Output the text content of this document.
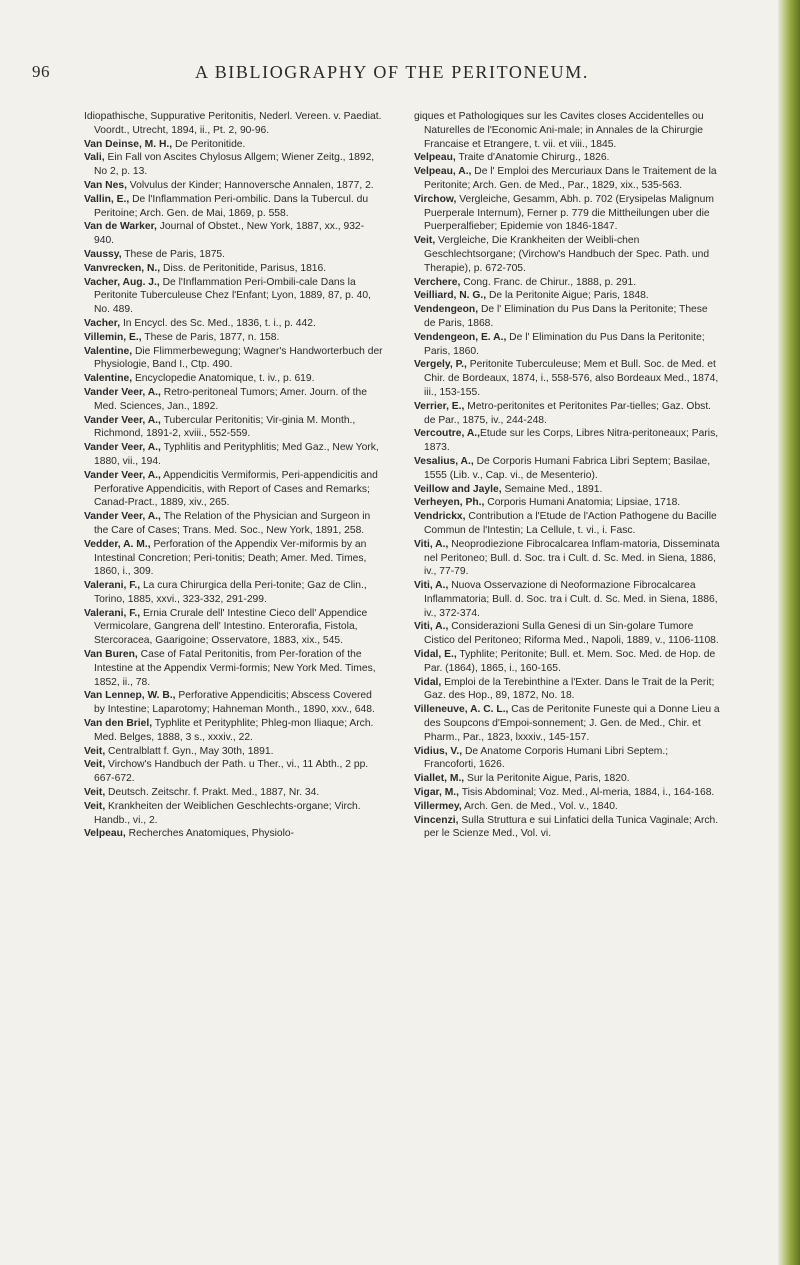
96	A BIBLIOGRAPHY OF THE PERITONEUM.

Idiopathische, Suppurative Peritonitis, Nederl. Vereen. v. Paediat. Voordt., Utrecht, 1894, ii., Pt. 2, 90-96.

Van Deinse, M. H., De Peritonitide.

Vali, Ein Fall von Ascites Chylosus Allgem; Wiener Zeitg., 1892, No 2, p. 13.

Van Nes, Volvulus der Kinder; Hannoversche Annalen, 1877, 2.

Vallin, E., De l'Inflammation Peri-ombilic. Dans la Tubercul. du Peritoine; Arch. Gen. de Mai, 1869, p. 558.

Van de Warker, Journal of Obstet., New York, 1887, xx., 932-940.

Vaussy, These de Paris, 1875.

Vanvrecken, N., Diss. de Peritonitide, Parisus, 1816.

Vacher, Aug. J., De l'Inflammation Peri-Ombili-cale Dans la Peritonite Tuberculeuse Chez l'Enfant; Lyon, 1889, 87, p. 40, No. 489.

Vacher, In Encycl. des Sc. Med., 1836, t. i., p. 442.

Villemin, E., These de Paris, 1877, n. 158.

Valentine, Die Flimmerbewegung; Wagner's Handworterbuch der Physiologie, Band I., Ctp. 490.

Valentine, Encyclopedie Anatomique, t. iv., p. 619.

Vander Veer, A., Retro-peritoneal Tumors; Amer. Journ. of the Med. Sciences, Jan., 1892.

Vander Veer, A., Tubercular Peritonitis; Vir-ginia M. Month., Richmond, 1891-2, xviii., 552-559.

Vander Veer, A., Typhlitis and Perityphlitis; Med Gaz., New York, 1880, vii., 194.

Vander Veer, A., Appendicitis Vermiformis, Peri-appendicitis and Perforative Appendicitis, with Report of Cases and Remarks; Canad-Pract., 1889, xiv., 265.

Vander Veer, A., The Relation of the Physician and Surgeon in the Care of Cases; Trans. Med. Soc., New York, 1891, 258.

Vedder, A. M., Perforation of the Appendix Ver-miformis by an Intestinal Concretion; Peri-tonitis; Death; Amer. Med. Times, 1860, i., 309.

Valerani, F., La cura Chirurgica della Peri-tonite; Gaz de Clin., Torino, 1885, xxvi., 323-332, 291-299.

Valerani, F., Ernia Crurale dell' Intestine Cieco dell' Appendice Vermicolare, Gangrena dell' Intestino. Enterorafia, Fistola, Stercoracea, Gaarigoine; Osservatore, 1883, xix., 545.

Van Buren, Case of Fatal Peritonitis, from Per-foration of the Intestine at the Appendix Vermi-formis; New York Med. Times, 1852, ii., 78.

Van Lennep, W. B., Perforative Appendicitis; Abscess Covered by Intestine; Laparotomy; Hahneman Month., 1890, xxv., 648.

Van den Briel, Typhlite et Perityphlite; Phleg-mon Iliaque; Arch. Med. Belges, 1888, 3 s., xxxiv., 22.

Veit, Centralblatt f. Gyn., May 30th, 1891.

Veit, Virchow's Handbuch der Path. u Ther., vi., 11 Abth., 2 pp. 667-672.

Veit, Deutsch. Zeitschr. f. Prakt. Med., 1887, Nr. 34.

Veit, Krankheiten der Weiblichen Geschlechts-organe; Virch. Handb., vi., 2.

Velpeau, Recherches Anatomiques, Physiolo-

giques et Pathologiques sur les Cavites closes Accidentelles ou Naturelles de l'Economic Ani-male; in Annales de la Chirurgie Francaise et Etrangere, t. vii. et viii., 1845.

Velpeau, Traite d'Anatomie Chirurg., 1826.

Velpeau, A., De l' Emploi des Mercuriaux Dans le Traitement de la Peritonite; Arch. Gen. de Med., Par., 1829, xix., 535-563.

Virchow, Vergleiche, Gesamm, Abh. p. 702 (Erysipelas Malignum Puerperale Internum), Ferner p. 779 die Mittheilungen uber die Puerperalfieber; Epidemie von 1846-1847.

Veit, Vergleiche, Die Krankheiten der Weibli-chen Geschlechtsorgane; (Virchow's Handbuch der Spec. Path. und Therapie), p. 672-705.

Verchere, Cong. Franc. de Chirur., 1888, p. 291.

Veilliard, N. G., De la Peritonite Aigue; Paris, 1848.

Vendengeon, De l' Elimination du Pus Dans la Peritonite; These de Paris, 1868.

Vendengeon, E. A., De l' Elimination du Pus Dans la Peritonite; Paris, 1860.

Vergely, P., Peritonite Tuberculeuse; Mem et Bull. Soc. de Med. et Chir. de Bordeaux, 1874, i., 558-576, also Bordeaux Med., 1874, iii., 153-155.

Verrier, E., Metro-peritonites et Peritonites Par-tielles; Gaz. Obst. de Par., 1875, iv., 244-248.

Vercoutre, A.,Etude sur les Corps, Libres Nitra-peritoneaux; Paris, 1873.

Vesalius, A., De Corporis Humani Fabrica Libri Septem; Basilae, 1555 (Lib. v., Cap. vi., de Mesenterio).

Veillow and Jayle, Semaine Med., 1891.

Verheyen, Ph., Corporis Humani Anatomia; Lipsiae, 1718.

Vendrickx, Contribution a l'Etude de l'Action Pathogene du Bacille Commun de l'Intestin; La Cellule, t. vi., i. Fasc.

Viti, A., Neoprodiezione Fibrocalcarea Inflam-matoria, Disseminata nel Peritoneo; Bull. d. Soc. tra i Cult. d. Sc. Med. in Siena, 1886, iv., 77-79.

Viti, A., Nuova Osservazione di Neoformazione Fibrocalcarea Inflammatoria; Bull. d. Soc. tra i Cult. d. Sc. Med. in Siena, 1886, iv., 372-374.

Viti, A., Considerazioni Sulla Genesi di un Sin-golare Tumore Cistico del Peritoneo; Riforma Med., Napoli, 1889, v., 1106-1108.

Vidal, E., Typhlite; Peritonite; Bull. et. Mem. Soc. Med. de Hop. de Par. (1864), 1865, i., 160-165.

Vidal, Emploi de la Terebinthine a l'Exter. Dans le Trait de la Perit; Gaz. des Hop., 89, 1872, No. 18.

Villeneuve, A. C. L., Cas de Peritonite Funeste qui a Donne Lieu a des Soupcons d'Empoi-sonnement; J. Gen. de Med., Chir. et Pharm., Par., 1823, lxxxiv., 145-157.

Vidius, V., De Anatome Corporis Humani Libri Septem.; Francoforti, 1626.

Viallet, M., Sur la Peritonite Aigue, Paris, 1820.

Vigar, M., Tisis Abdominal; Voz. Med., Al-meria, 1884, i., 164-168.

Villermey, Arch. Gen. de Med., Vol. v., 1840.

Vincenzi, Sulla Struttura e sui Linfatici della Tunica Vaginale; Arch. per le Scienze Med., Vol. vi.
